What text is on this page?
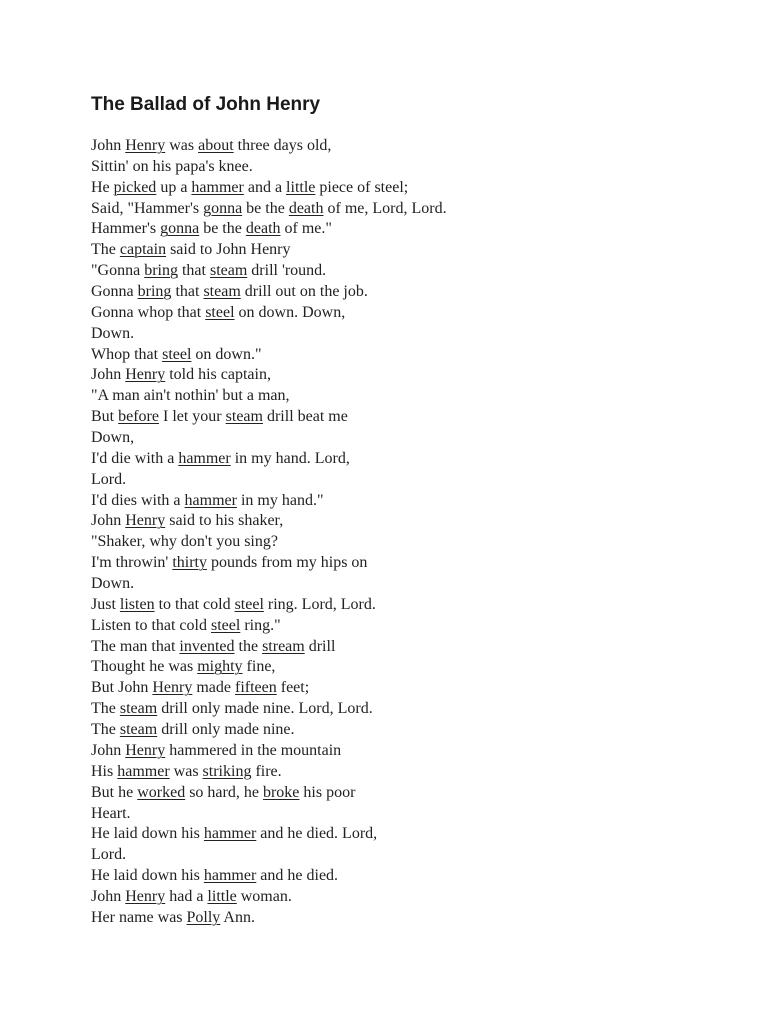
The Ballad of John Henry
John Henry was about three days old,
Sittin' on his papa's knee.
He picked up a hammer and a little piece of steel;
Said, "Hammer's gonna be the death of me, Lord, Lord.
Hammer's gonna be the death of me."
The captain said to John Henry
"Gonna bring that steam drill 'round.
Gonna bring that steam drill out on the job.
Gonna whop that steel on down. Down,
Down.
Whop that steel on down."
John Henry told his captain,
"A man ain't nothin' but a man,
But before I let your steam drill beat me
Down,
I'd die with a hammer in my hand. Lord,
Lord.
I'd dies with a hammer in my hand."
John Henry said to his shaker,
"Shaker, why don't you sing?
I'm throwin' thirty pounds from my hips on
Down.
Just listen to that cold steel ring. Lord, Lord.
Listen to that cold steel ring."
The man that invented the stream drill
Thought he was mighty fine,
But John Henry made fifteen feet;
The steam drill only made nine. Lord, Lord.
The steam drill only made nine.
John Henry hammered in the mountain
His hammer was striking fire.
But he worked so hard, he broke his poor
Heart.
He laid down his hammer and he died. Lord,
Lord.
He laid down his hammer and he died.
John Henry had a little woman.
Her name was Polly Ann.
